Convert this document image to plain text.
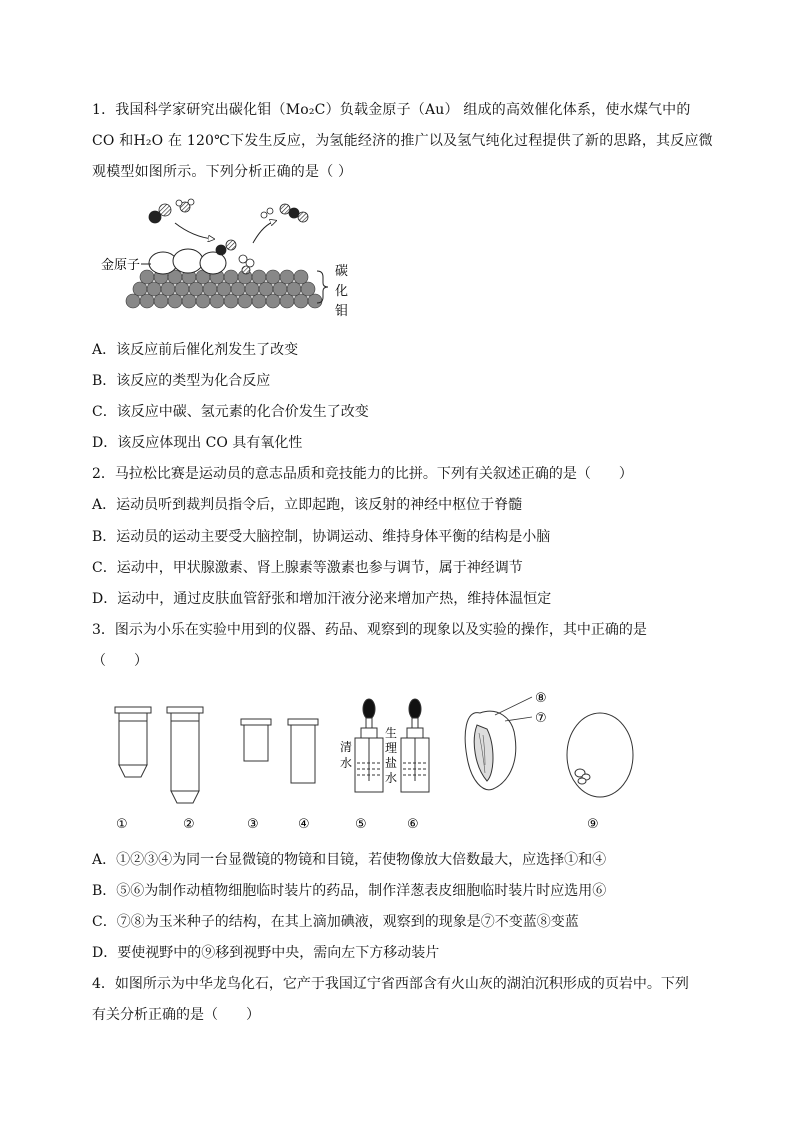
1．我国科学家研究出碳化钼（Mo₂C）负载金原子（Au） 组成的高效催化体系，使水煤气中的
CO 和H₂O 在 120℃下发生反应，为氢能经济的推广以及氢气纯化过程提供了新的思路，其反应微
观模型如图所示。下列分析正确的是（ ）
金原子	碳
化
钼
A．该反应前后催化剂发生了改变
B．该反应的类型为化合反应
C．该反应中碳、氢元素的化合价发生了改变
D．该反应体现出 CO 具有氧化性
2．马拉松比赛是运动员的意志品质和竞技能力的比拼。下列有关叙述正确的是（　　）
A．运动员听到裁判员指令后，立即起跑，该反射的神经中枢位于脊髓
B．运动员的运动主要受大脑控制，协调运动、维持身体平衡的结构是小脑
C．运动中，甲状腺激素、肾上腺素等激素也参与调节，属于神经调节
D．运动中，通过皮肤血管舒张和增加汗液分泌来增加产热，维持体温恒定
3．图示为小乐在实验中用到的仪器、药品、观察到的现象以及实验的操作，其中正确的是
（　　）
⑧
⑦
清
水
生
理
盐
水
①	②	③	④	⑤	⑥	⑨
A．①②③④为同一台显微镜的物镜和目镜，若使物像放大倍数最大，应选择①和④
B．⑤⑥为制作动植物细胞临时装片的药品，制作洋葱表皮细胞临时装片时应选用⑥
C．⑦⑧为玉米种子的结构，在其上滴加碘液，观察到的现象是⑦不变蓝⑧变蓝
D．要使视野中的⑨移到视野中央，需向左下方移动装片
4．如图所示为中华龙鸟化石，它产于我国辽宁省西部含有火山灰的湖泊沉积形成的页岩中。下列
有关分析正确的是（　　）
